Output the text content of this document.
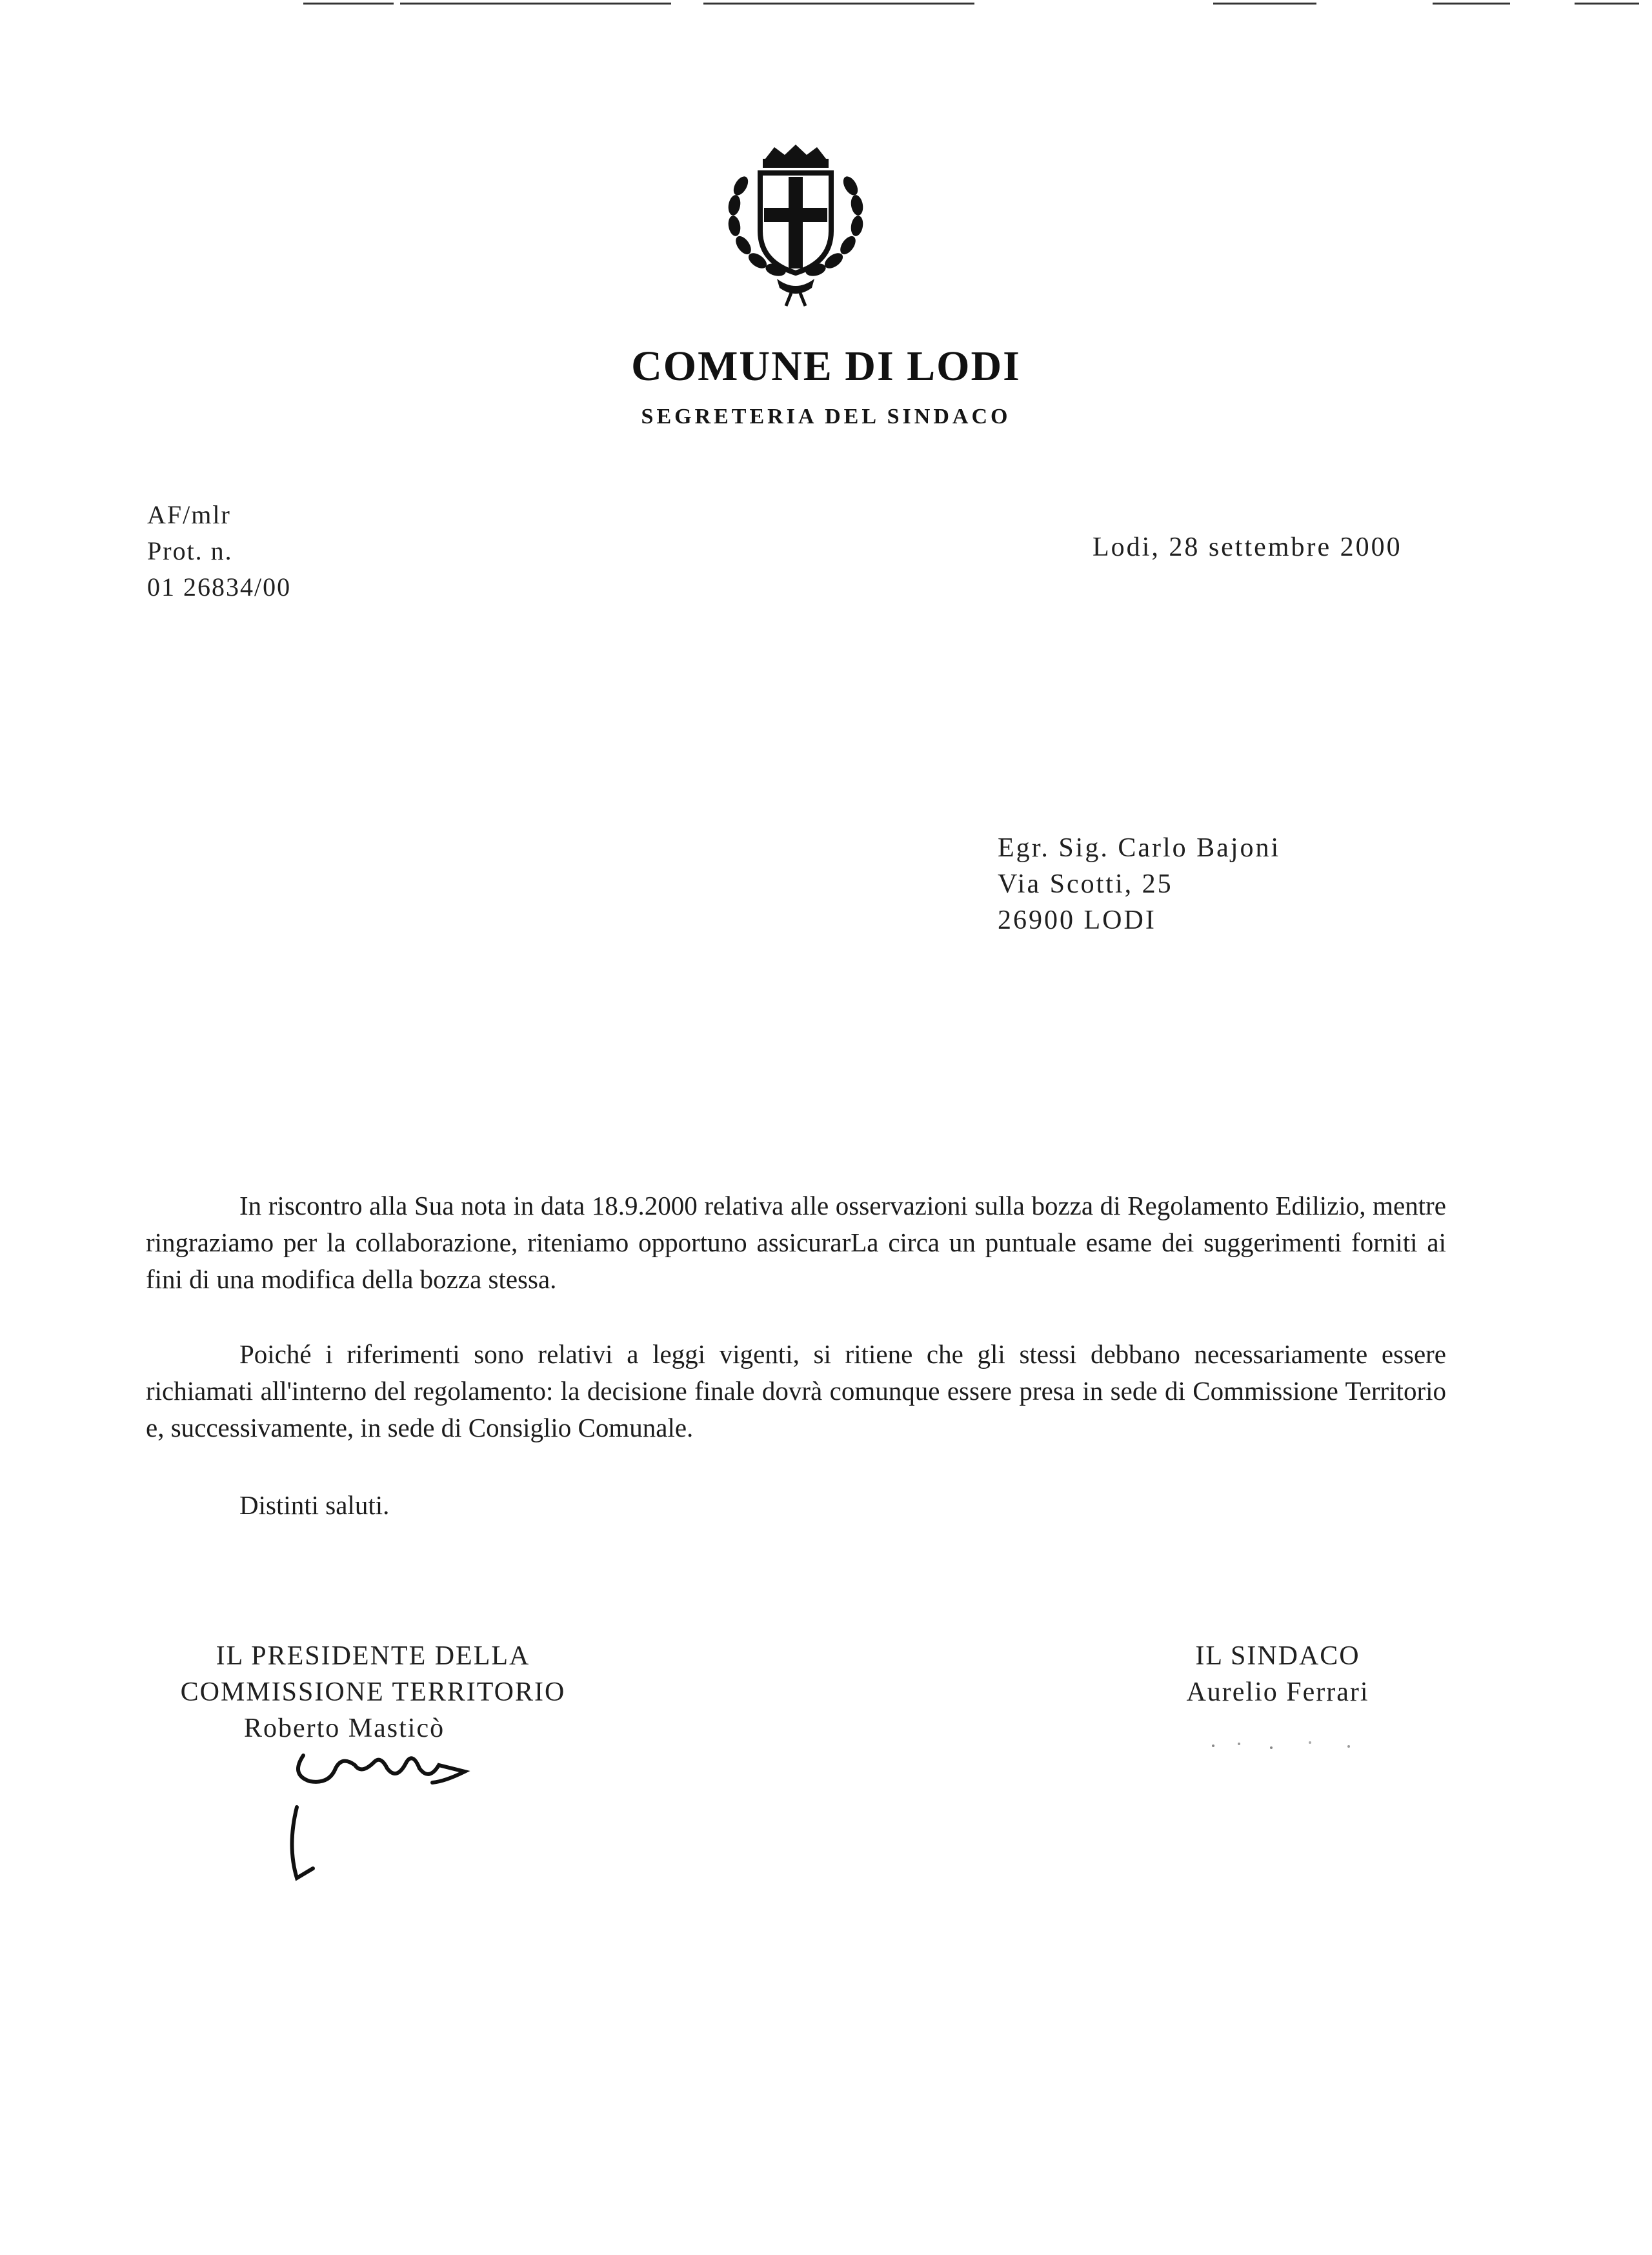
COMUNE DI LODI
SEGRETERIA DEL SINDACO
AF/mlr
Prot. n.
01 26834/00
Lodi, 28 settembre 2000
Egr. Sig. Carlo Bajoni
Via Scotti, 25
26900 LODI
In riscontro alla Sua nota in data 18.9.2000 relativa alle osservazioni sulla bozza di Regolamento Edilizio, mentre ringraziamo per la collaborazione, riteniamo opportuno assicurarLa circa un puntuale esame dei suggerimenti forniti ai fini di una modifica della bozza stessa.
Poiché i riferimenti sono relativi a leggi vigenti, si ritiene che gli stessi debbano necessariamente essere richiamati all'interno del regolamento: la decisione finale dovrà comunque essere presa in sede di Commissione Territorio e, successivamente, in sede di Consiglio Comunale.
Distinti saluti.
IL PRESIDENTE DELLA
COMMISSIONE TERRITORIO
Roberto Masticò
IL SINDACO
Aurelio Ferrari
